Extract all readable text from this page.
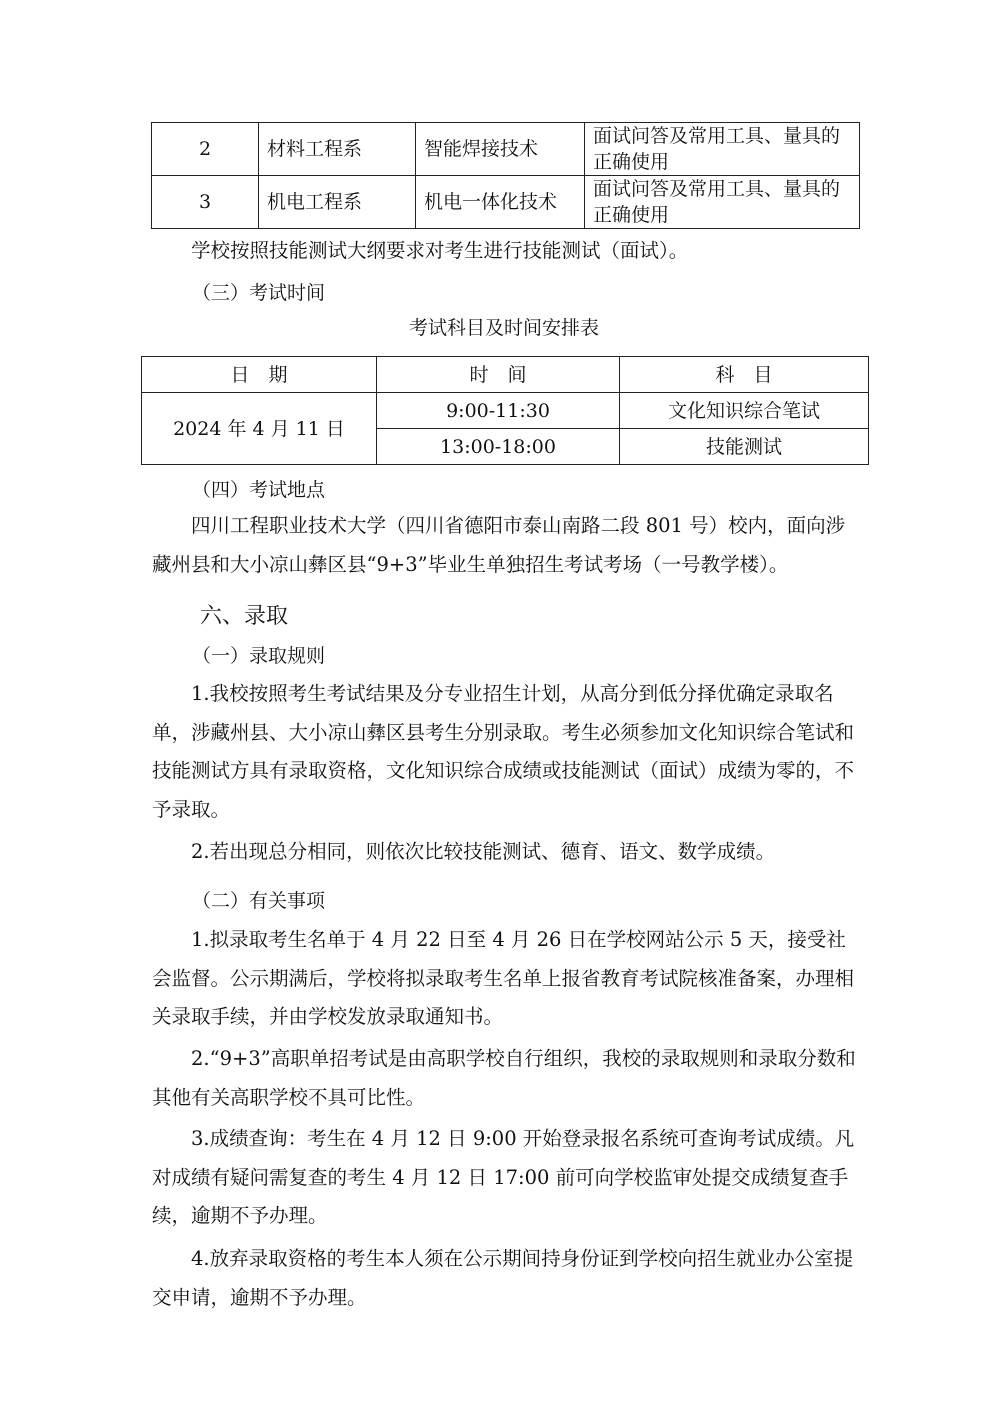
2	材料工程系	智能焊接技术	面试问答及常用工具、量具的正确使用
3	机电工程系	机电一体化技术	面试问答及常用工具、量具的正确使用
学校按照技能测试大纲要求对考生进行技能测试（面试）。
（三）考试时间
考试科目及时间安排表
日　期	时　间	科　目
2024 年 4 月 11 日	9:00-11:30	文化知识综合笔试
	13:00-18:00	技能测试
（四）考试地点
四川工程职业技术大学（四川省德阳市泰山南路二段 801 号）校内，面向涉藏州县和大小凉山彝区县“9+3”毕业生单独招生考试考场（一号教学楼）。
六、录取
（一）录取规则
1.我校按照考生考试结果及分专业招生计划，从高分到低分择优确定录取名单，涉藏州县、大小凉山彝区县考生分别录取。考生必须参加文化知识综合笔试和技能测试方具有录取资格，文化知识综合成绩或技能测试（面试）成绩为零的，不予录取。
2.若出现总分相同，则依次比较技能测试、德育、语文、数学成绩。
（二）有关事项
1.拟录取考生名单于 4 月 22 日至 4 月 26 日在学校网站公示 5 天，接受社会监督。公示期满后，学校将拟录取考生名单上报省教育考试院核准备案，办理相关录取手续，并由学校发放录取通知书。
2.“9+3”高职单招考试是由高职学校自行组织，我校的录取规则和录取分数和其他有关高职学校不具可比性。
3.成绩查询：考生在 4 月 12 日 9:00 开始登录报名系统可查询考试成绩。凡对成绩有疑问需复查的考生 4 月 12 日 17:00 前可向学校监审处提交成绩复查手续，逾期不予办理。
4.放弃录取资格的考生本人须在公示期间持身份证到学校向招生就业办公室提交申请，逾期不予办理。
